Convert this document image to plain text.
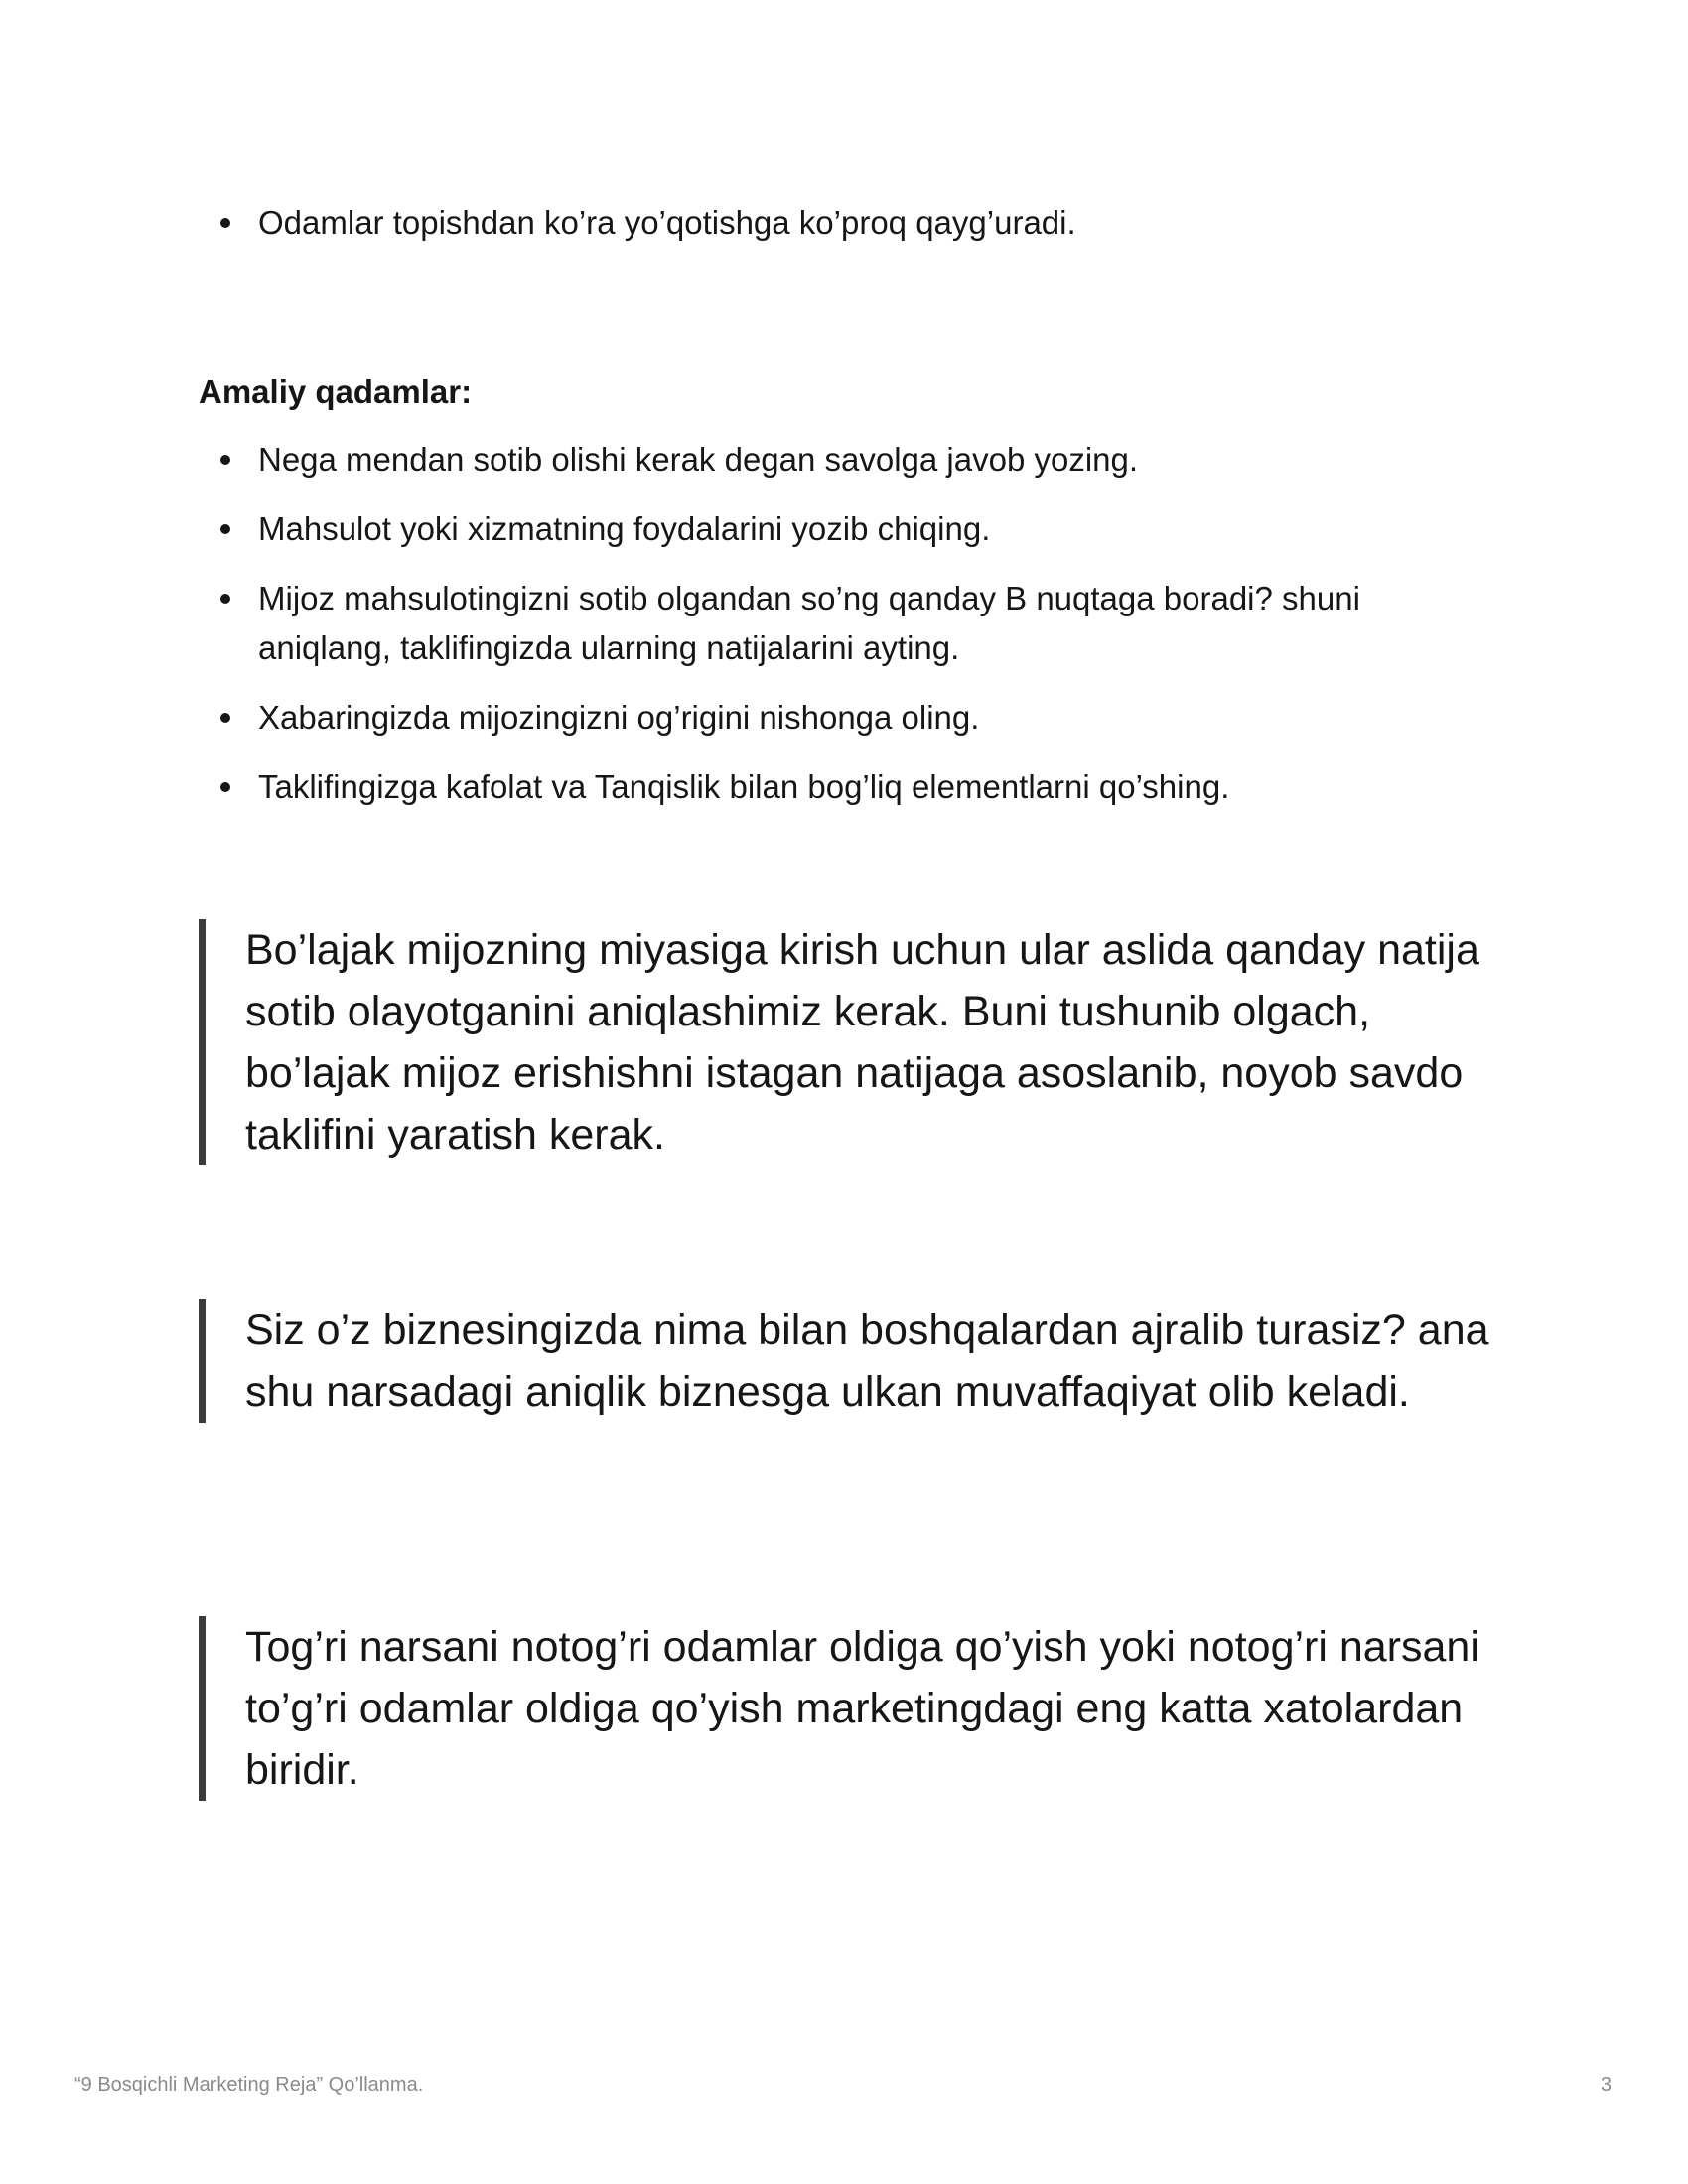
Odamlar topishdan ko’ra yo’qotishga ko’proq qayg’uradi.

Amaliy qadamlar:

Nega mendan sotib olishi kerak degan savolga javob yozing.
Mahsulot yoki xizmatning foydalarini yozib chiqing.
Mijoz mahsulotingizni sotib olgandan so’ng qanday B nuqtaga boradi? shuni aniqlang, taklifingizda ularning natijalarini ayting.
Xabaringizda mijozingizni og’rigini nishonga oling.
Taklifingizga kafolat va Tanqislik bilan bog’liq elementlarni qo’shing.
Bo’lajak mijozning miyasiga kirish uchun ular aslida qanday natija sotib olayotganini aniqlashimiz kerak. Buni tushunib olgach, bo’lajak mijoz erishishni istagan natijaga asoslanib, noyob savdo taklifini yaratish kerak.
Siz o’z biznesingizda nima bilan boshqalardan ajralib turasiz? ana shu narsadagi aniqlik biznesga ulkan muvaffaqiyat olib keladi.
Tog’ri narsani notog’ri odamlar oldiga qo’yish yoki notog’ri narsani to’g’ri odamlar oldiga qo’yish marketingdagi eng katta xatolardan biridir.
“9 Bosqichli Marketing Reja” Qo’llanma.	3
